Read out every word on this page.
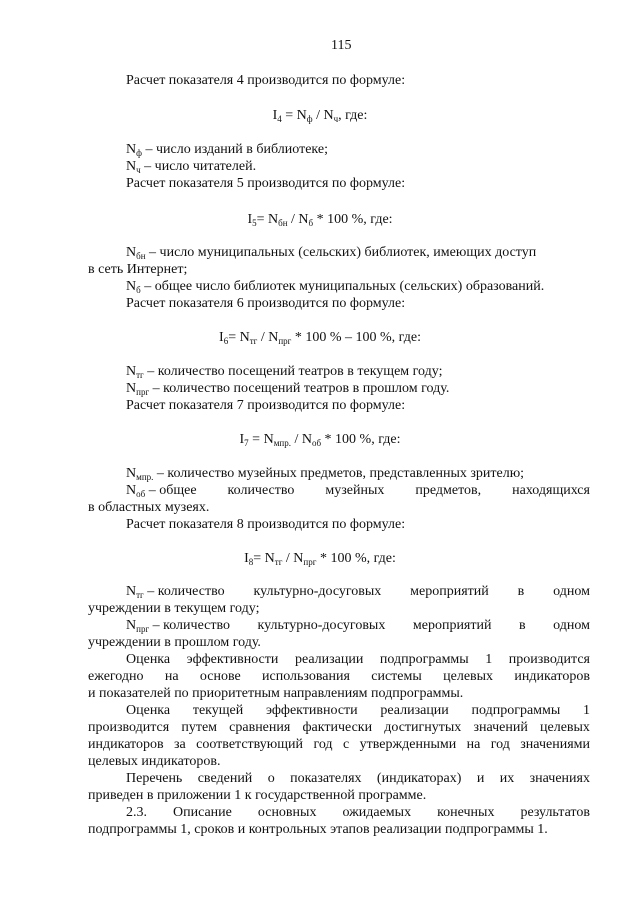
115
Расчет показателя 4 производится по формуле:
$I_4 = N_ф / N_ч$, где:
$N_ф$ – число изданий в библиотеке;
$N_ч$ – число читателей.
Расчет показателя 5 производится по формуле:
$I_5= N_{бн} / N_б * 100$ %, где:
$N_{бн}$ – число муниципальных (сельских) библиотек, имеющих доступ
в сеть Интернет;
$N_б$ – общее число библиотек муниципальных (сельских) образований.
Расчет показателя 6 производится по формуле:
$I_6= N_{тг} / N_{прг} * 100$ % – 100 %, где:
$N_{тг}$ – количество посещений театров в текущем году;
$N_{прг}$ – количество посещений театров в прошлом году.
Расчет показателя 7 производится по формуле:
$I_7 = N_{мпр.} / N_{об} * 100$ %, где:
$N_{мпр.}$ – количество музейных предметов, представленных зрителю;
$N_{об}$ – общее количество музейных предметов, находящихся
в областных музеях.
Расчет показателя 8 производится по формуле:
$I_8= N_{тг} / N_{прг} * 100$ %, где:
$N_{тг}$ – количество культурно-досуговых мероприятий в одном
учреждении в текущем году;
$N_{прг}$ – количество культурно-досуговых мероприятий в одном
учреждении в прошлом году.
Оценка эффективности реализации подпрограммы 1 производится
ежегодно на основе использования системы целевых индикаторов
и показателей по приоритетным направлениям подпрограммы.
Оценка текущей эффективности реализации подпрограммы 1
производится путем сравнения фактически достигнутых значений целевых
индикаторов за соответствующий год с утвержденными на год значениями
целевых индикаторов.
Перечень сведений о показателях (индикаторах) и их значениях
приведен в приложении 1 к государственной программе.
2.3. Описание основных ожидаемых конечных результатов
подпрограммы 1, сроков и контрольных этапов реализации подпрограммы 1.
